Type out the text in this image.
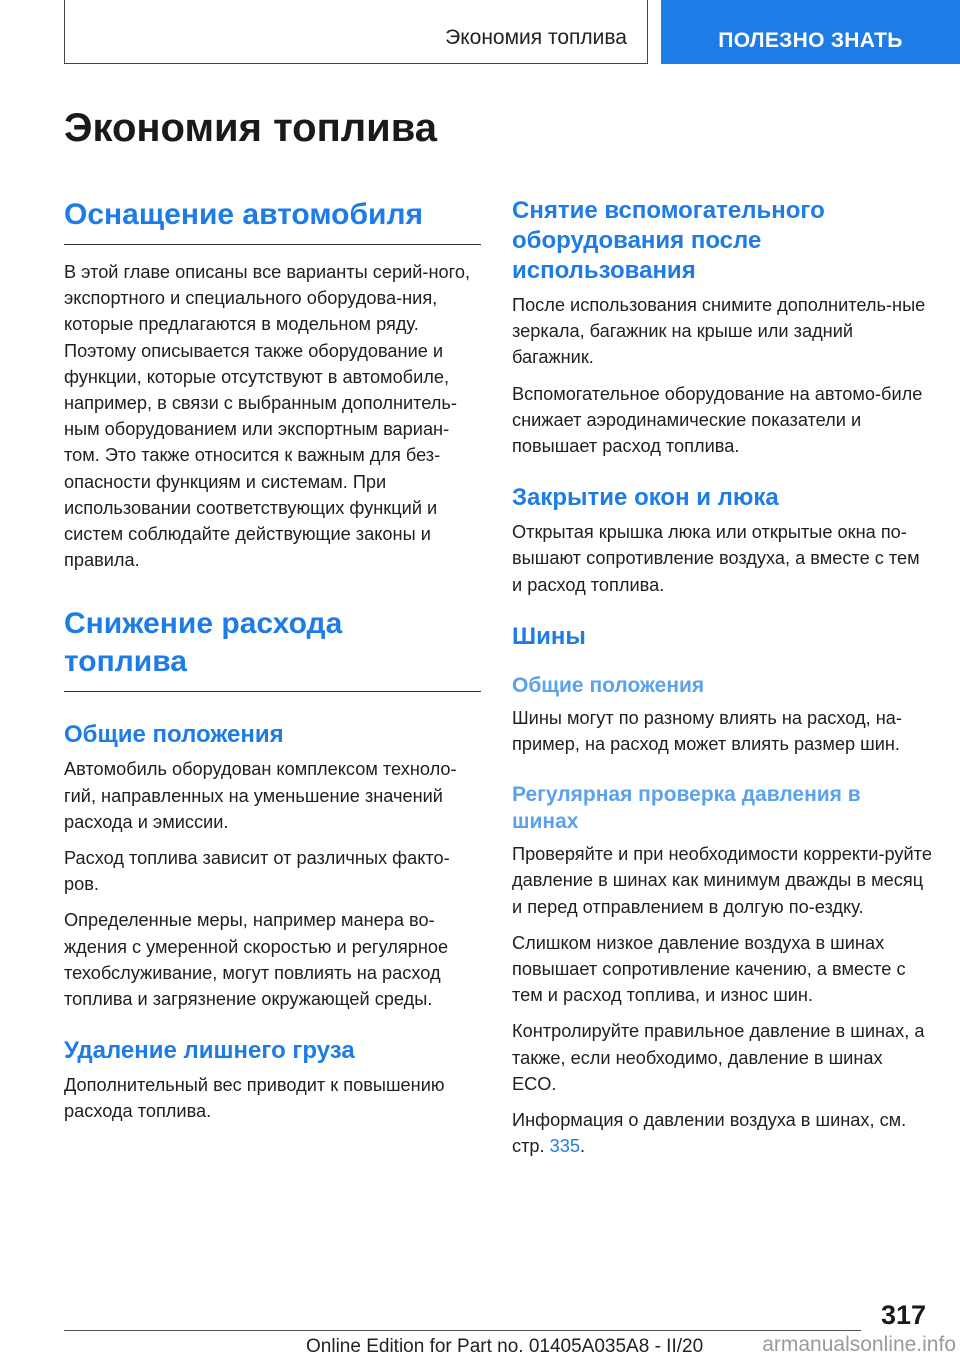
Экономия топлива	ПОЛЕЗНО ЗНАТЬ
Экономия топлива
Оснащение автомобиля

В этой главе описаны все варианты серий-ного, экспортного и специального оборудова-ния, которые предлагаются в модельном ряду. Поэтому описывается также оборудование и функции, которые отсутствуют в автомобиле, например, в связи с выбранным дополнитель-ным оборудованием или экспортным вариан-том. Это также относится к важным для без-опасности функциям и системам. При использовании соответствующих функций и систем соблюдайте действующие законы и правила.

Снижение расхода топлива
Общие положения

Автомобиль оборудован комплексом техноло-гий, направленных на уменьшение значений расхода и эмиссии.

Расход топлива зависит от различных факто-ров.

Определенные меры, например манера во-ждения с умеренной скоростью и регулярное техобслуживание, могут повлиять на расход топлива и загрязнение окружающей среды.

Удаление лишнего груза

Дополнительный вес приводит к повышению расхода топлива.

Снятие вспомогательного оборудования после использования

После использования снимите дополнитель-ные зеркала, багажник на крыше или задний багажник.

Вспомогательное оборудование на автомо-биле снижает аэродинамические показатели и повышает расход топлива.

Закрытие окон и люка

Открытая крышка люка или открытые окна по-вышают сопротивление воздуха, а вместе с тем и расход топлива.

Шины
Общие положения

Шины могут по разному влиять на расход, на-пример, на расход может влиять размер шин.

Регулярная проверка давления в шинах

Проверяйте и при необходимости корректи-руйте давление в шинах как минимум дважды в месяц и перед отправлением в долгую по-ездку.

Слишком низкое давление воздуха в шинах повышает сопротивление качению, а вместе с тем и расход топлива, и износ шин.

Контролируйте правильное давление в шинах, а также, если необходимо, давление в шинах ECO.

Информация о давлении воздуха в шинах, см. стр. 335.

317
Online Edition for Part no. 01405A035A8 - II/20	armanualsonline.info
